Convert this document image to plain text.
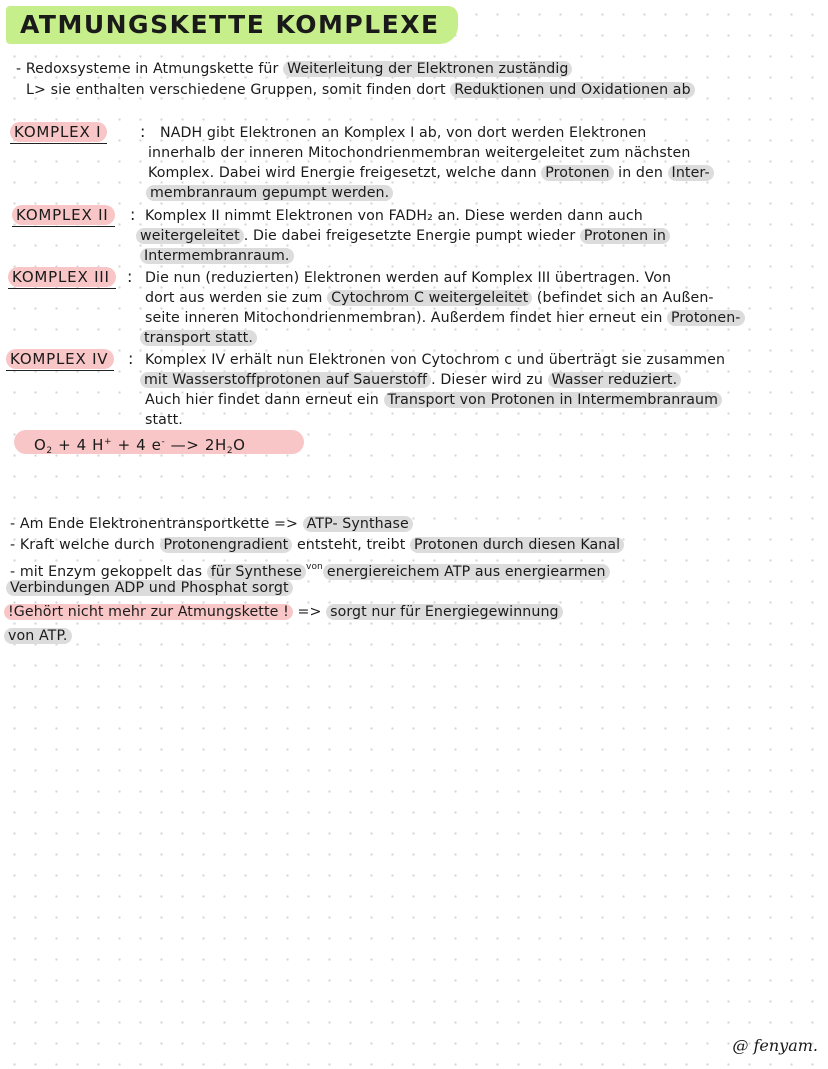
ATMUNGSKETTE KOMPLEXE
- Redoxsysteme in Atmungskette für Weiterleitung der Elektronen zuständig
L> sie enthalten verschiedene Gruppen, somit finden dort Reduktionen und Oxidationen ab
KOMPLEX I	: NADH gibt Elektronen an Komplex I ab, von dort werden Elektronen
innerhalb der inneren Mitochondrienmembran weitergeleitet zum nächsten
Komplex. Dabei wird Energie freigesetzt, welche dann Protonen in den Inter-
membranraum gepumpt werden.
KOMPLEX II	: Komplex II nimmt Elektronen von FADH₂ an. Diese werden dann auch
weitergeleitet . Die dabei freigesetzte Energie pumpt wieder Protonen in
Intermembranraum.
KOMPLEX III	: Die nun (reduzierten) Elektronen werden auf Komplex III übertragen. Von
dort aus werden sie zum Cytochrom C weitergeleitet (befindet sich an Außen-
seite inneren Mitochondrienmembran). Außerdem findet hier erneut ein Protonen-
transport statt.
KOMPLEX IV	: Komplex IV erhält nun Elektronen von Cytochrom c und überträgt sie zusammen
mit Wasserstoffprotonen auf Sauerstoff . Dieser wird zu Wasser reduziert.
Auch hier findet dann erneut ein Transport von Protonen in Intermembranraum
statt.
$O_2 + 4$ H+ + 4 e- —> $2H_2O$
- Am Ende Elektronentransportkette => ATP- Synthase
- Kraft welche durch Protonengradient entsteht, treibt Protonen durch diesen Kanal
- mit Enzym gekoppelt das für Synthese $^{von}$ energiereichem ATP aus energiearmen
Verbindungen ADP und Phosphat sorgt
!Gehört nicht mehr zur Atmungskette ! => sorgt nur für Energiegewinnung
von ATP.
@ fenyam.
